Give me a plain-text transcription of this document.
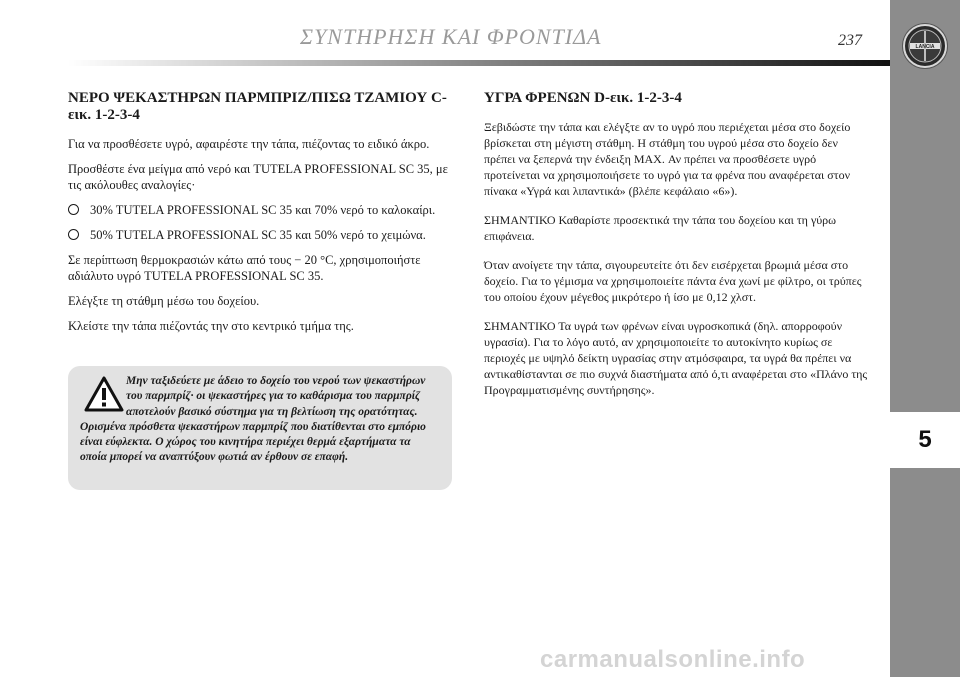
ΣΥΝΤΗΡΗΣΗ ΚΑΙ ΦΡΟΝΤΙΔΑ	237	LANCIA
5
ΝΕΡΟ ΨΕΚΑΣΤΗΡΩΝ ΠΑΡΜΠΡΙΖ/ΠΙΣΩ ΤΖΑΜΙΟΥ C-εικ. 1-2-3-4

Για να προσθέσετε υγρό, αφαιρέστε την τάπα, πιέζοντας το ειδικό άκρο.

Προσθέστε ένα μείγμα από νερό και TUTELA PROFESSIONAL SC 35, με τις ακόλουθες αναλογίες·

30% TUTELA PROFESSIONAL SC 35 και 70% νερό το καλοκαίρι.

50% TUTELA PROFESSIONAL SC 35 και 50% νερό το χειμώνα.

Σε περίπτωση θερμοκρασιών κάτω από τους − 20 °C, χρησιμοποιήστε αδιάλυτο υγρό TUTELA PROFESSIONAL SC 35.

Ελέγξτε τη στάθμη μέσω του δοχείου.

Κλείστε την τάπα πιέζοντάς την στο κεντρικό τμήμα της.

Μην ταξιδεύετε με άδειο το δοχείο του νερού των ψεκαστήρων του παρμπρίζ· οι ψεκαστήρες για το καθάρισμα του παρμπρίζ αποτελούν βασικό σύστημα για τη βελτίωση της ορατότητας.
Ορισμένα πρόσθετα ψεκαστήρων παρμπρίζ που διατίθενται στο εμπόριο είναι εύφλεκτα. Ο χώρος του κινητήρα περιέχει θερμά εξαρτήματα τα οποία μπορεί να αναπτύξουν φωτιά αν έρθουν σε επαφή.

ΥΓΡΑ ΦΡΕΝΩΝ D-εικ. 1-2-3-4

Ξεβιδώστε την τάπα και ελέγξτε αν το υγρό που περιέχεται μέσα στο δοχείο βρίσκεται στη μέγιστη στάθμη. Η στάθμη του υγρού μέσα στο δοχείο δεν πρέπει να ξεπερνά την ένδειξη MAX. Αν πρέπει να προσθέσετε υγρό προτείνεται να χρησιμοποιήσετε το υγρό για τα φρένα που αναφέρεται στον πίνακα «Υγρά και λιπαντικά» (βλέπε κεφάλαιο «6»).

ΣΗΜΑΝΤΙΚΟ Καθαρίστε προσεκτικά την τάπα του δοχείου και τη γύρω επιφάνεια.

Όταν ανοίγετε την τάπα, σιγουρευτείτε ότι δεν εισέρχεται βρωμιά μέσα στο δοχείο. Για το γέμισμα να χρησιμοποιείτε πάντα ένα χωνί με φίλτρο, οι τρύπες του οποίου έχουν μέγεθος μικρότερο ή ίσο με 0,12 χλστ.

ΣΗΜΑΝΤΙΚΟ Τα υγρά των φρένων είναι υγροσκοπικά (δηλ. απορροφούν υγρασία). Για το λόγο αυτό, αν χρησιμοποιείτε το αυτοκίνητο κυρίως σε περιοχές με υψηλό δείκτη υγρασίας στην ατμόσφαιρα, τα υγρά θα πρέπει να αντικαθίστανται σε πιο συχνά διαστήματα από ό,τι αναφέρεται στο «Πλάνο της Προγραμματισμένης συντήρησης».

carmanualsonline.info
